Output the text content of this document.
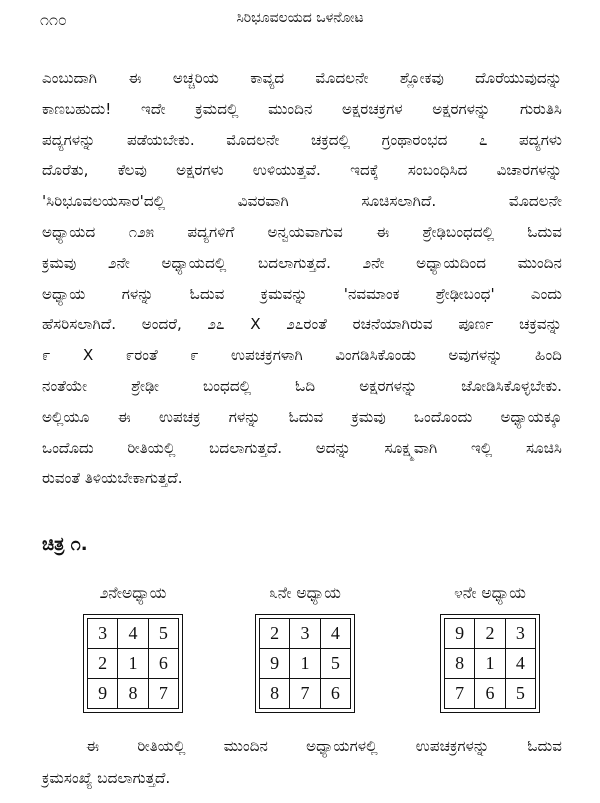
೧೧೦	ಸಿರಿಭೂವಲಯದ ಒಳನೋಟ
ಎಂಬುದಾಗಿ ಈ ಅಚ್ಚರಿಯ ಕಾವ್ಯದ ಮೊದಲನೇ ಶ್ಲೋಕವು ದೊರೆಯುವುದನ್ನು
ಕಾಣಬಹುದು! ಇದೇ ಕ್ರಮದಲ್ಲಿ ಮುಂದಿನ ಅಕ್ಷರಚಕ್ರಗಳ ಅಕ್ಷರಗಳನ್ನು ಗುರುತಿಸಿ
ಪದ್ಯಗಳನ್ನು ಪಡೆಯಬೇಕು. ಮೊದಲನೇ ಚಕ್ರದಲ್ಲಿ ಗ್ರಂಥಾರಂಭದ ೭ ಪದ್ಯಗಳು
ದೊರೆತು, ಕೆಲವು ಅಕ್ಷರಗಳು ಉಳಿಯುತ್ತವೆ. ಇದಕ್ಕೆ ಸಂಬಂಧಿಸಿದ ವಿಚಾರಗಳನ್ನು
'ಸಿರಿಭೂವಲಯಸಾರ'ದಲ್ಲಿ ವಿವರವಾಗಿ ಸೂಚಿಸಲಾಗಿದೆ. ಮೊದಲನೇ
ಅಧ್ಯಾಯದ ೧೨೫ ಪದ್ಯಗಳಿಗೆ ಅನ್ವಯವಾಗುವ ಈ ಶ್ರೇಢಿಬಂಧದಲ್ಲಿ ಓದುವ
ಕ್ರಮವು ೨ನೇ ಅಧ್ಯಾಯದಲ್ಲಿ ಬದಲಾಗುತ್ತದೆ. ೨ನೇ ಅಧ್ಯಾಯದಿಂದ ಮುಂದಿನ
ಅಧ್ಯಾಯ ಗಳನ್ನು ಓದುವ ಕ್ರಮವನ್ನು 'ನವಮಾಂಕ ಶ್ರೇಢೀಬಂಧ' ಎಂದು
ಹೆಸರಿಸಲಾಗಿದೆ. ಅಂದರೆ, ೨೭ X ೨೭ರಂತೆ ರಚನೆಯಾಗಿರುವ ಪೂರ್ಣ ಚಕ್ರವನ್ನು
೯ X ೯ರಂತೆ ೯ ಉಪಚಕ್ರಗಳಾಗಿ ವಿಂಗಡಿಸಿಕೊಂಡು ಅವುಗಳನ್ನು ಹಿಂದಿ
ನಂತೆಯೇ ಶ್ರೇಢೀ ಬಂಧದಲ್ಲಿ ಓದಿ ಅಕ್ಷರಗಳನ್ನು ಜೋಡಿಸಿಕೊಳ್ಳಬೇಕು.
ಅಲ್ಲಿಯೂ ಈ ಉಪಚಕ್ರ ಗಳನ್ನು ಓದುವ ಕ್ರಮವು ಒಂದೊಂದು ಅಧ್ಯಾಯಕ್ಕೂ
ಒಂದೊದು ರೀತಿಯಲ್ಲಿ ಬದಲಾಗುತ್ತದೆ. ಅದನ್ನು ಸೂಕ್ಷ್ಮವಾಗಿ ಇಲ್ಲಿ ಸೂಚಿಸಿ
ರುವಂತೆ ತಿಳಿಯಬೇಕಾಗುತ್ತದೆ.
ಚಿತ್ರ ೧.
೨ನೇಅಧ್ಯಾಯ
3	4	5
2	1	6
9	8	7
೩ನೇ ಅಧ್ಯಾಯ
2	3	4
9	1	5
8	7	6
೪ನೇ ಅಧ್ಯಾಯ
9	2	3
8	1	4
7	6	5
ಈ ರೀತಿಯಲ್ಲಿ ಮುಂದಿನ ಅಧ್ಯಾಯಗಳಲ್ಲಿ ಉಪಚಕ್ರಗಳನ್ನು ಓದುವ
ಕ್ರಮಸಂಖ್ಯೆ ಬದಲಾಗುತ್ತದೆ.
